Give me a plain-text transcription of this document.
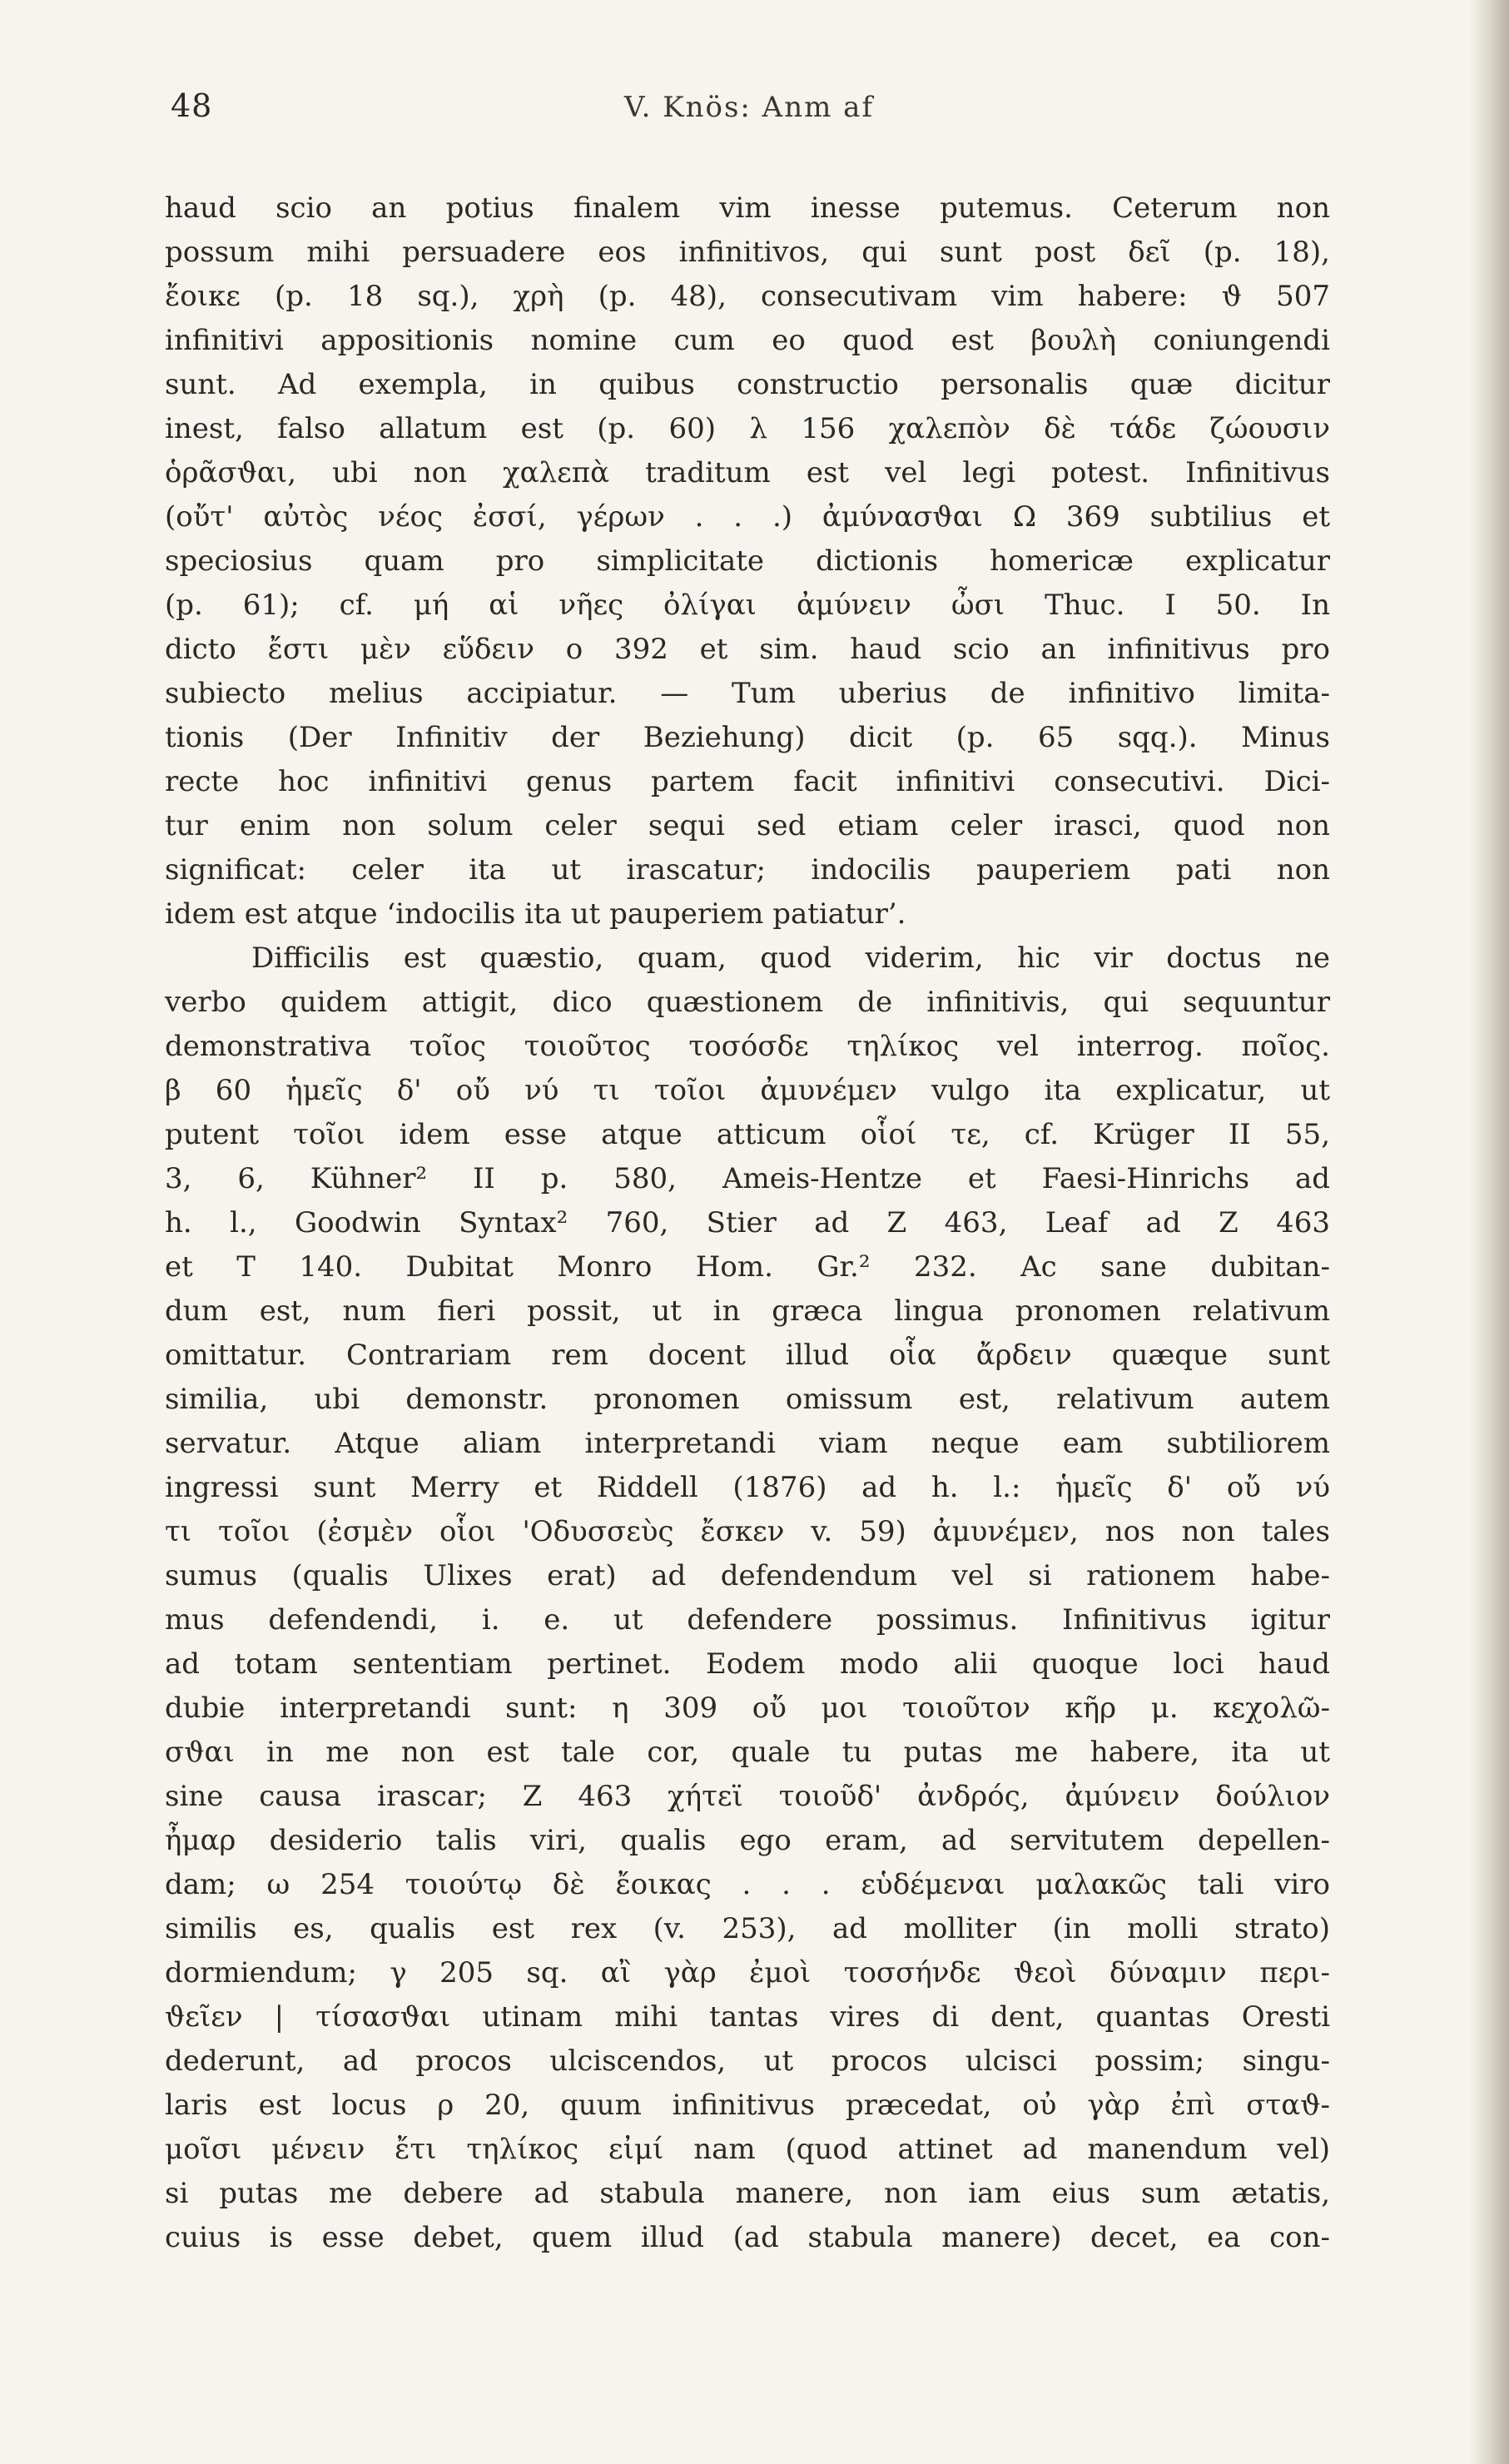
48	V. Knös: Anm af
haud scio an potius finalem vim inesse putemus. Ceterum non
possum mihi persuadere eos infinitivos, qui sunt post δεῖ (p. 18),
ἔοικε (p. 18 sq.), χρὴ (p. 48), consecutivam vim habere: ϑ 507
infinitivi appositionis nomine cum eo quod est βουλὴ coniungendi
sunt. Ad exempla, in quibus constructio personalis quæ dicitur
inest, falso allatum est (p. 60) λ 156 χαλεπὸν δὲ τάδε ζώουσιν
ὁρᾶσϑαι, ubi non χαλεπὰ traditum est vel legi potest. Infinitivus
(οὔτ' αὐτὸς νέος ἐσσί, γέρων . . .) ἀμύνασϑαι Ω 369 subtilius et
speciosius quam pro simplicitate dictionis homericæ explicatur
(p. 61); cf. μή αἱ νῆες ὀλίγαι ἀμύνειν ὦσι Thuc. I 50. In
dicto ἔστι μὲν εὕδειν ο 392 et sim. haud scio an infinitivus pro
subiecto melius accipiatur. — Tum uberius de infinitivo limita-
tionis (Der Infinitiv der Beziehung) dicit (p. 65 sqq.). Minus
recte hoc infinitivi genus partem facit infinitivi consecutivi. Dici-
tur enim non solum celer sequi sed etiam celer irasci, quod non
significat: celer ita ut irascatur; indocilis pauperiem pati non
idem est atque ‘indocilis ita ut pauperiem patiatur’.
Difficilis est quæstio, quam, quod viderim, hic vir doctus ne
verbo quidem attigit, dico quæstionem de infinitivis, qui sequuntur
demonstrativa τοῖος τοιοῦτος τοσόσδε τηλίκος vel interrog. ποῖος.
β 60 ἡμεῖς δ' οὔ νύ τι τοῖοι ἀμυνέμεν vulgo ita explicatur, ut
putent τοῖοι idem esse atque atticum οἷοί τε, cf. Krüger II 55,
3, 6, Kühner² II p. 580, Ameis-Hentze et Faesi-Hinrichs ad
h. l., Goodwin Syntax² 760, Stier ad Ζ 463, Leaf ad Ζ 463
et Τ 140. Dubitat Monro Hom. Gr.² 232. Ac sane dubitan-
dum est, num fieri possit, ut in græca lingua pronomen relativum
omittatur. Contrariam rem docent illud οἷα ἄρδειν quæque sunt
similia, ubi demonstr. pronomen omissum est, relativum autem
servatur. Atque aliam interpretandi viam neque eam subtiliorem
ingressi sunt Merry et Riddell (1876) ad h. l.: ἡμεῖς δ' οὔ νύ
τι τοῖοι (ἐσμὲν οἷοι 'Οδυσσεὺς ἔσκεν v. 59) ἀμυνέμεν, nos non tales
sumus (qualis Ulixes erat) ad defendendum vel si rationem habe-
mus defendendi, i. e. ut defendere possimus. Infinitivus igitur
ad totam sententiam pertinet. Eodem modo alii quoque loci haud
dubie interpretandi sunt: η 309 οὔ μοι τοιοῦτον κῆρ μ. κεχολῶ-
σϑαι in me non est tale cor, quale tu putas me habere, ita ut
sine causa irascar; Ζ 463 χήτεϊ τοιοῦδ' ἀνδρός, ἀμύνειν δούλιον
ἦμαρ desiderio talis viri, qualis ego eram, ad servitutem depellen-
dam; ω 254 τοιούτῳ δὲ ἔοικας . . . εὑδέμεναι μαλακῶς tali viro
similis es, qualis est rex (v. 253), ad molliter (in molli strato)
dormiendum; γ 205 sq. αἲ γὰρ ἐμοὶ τοσσήνδε ϑεοὶ δύναμιν περι-
ϑεῖεν | τίσασϑαι utinam mihi tantas vires di dent, quantas Oresti
dederunt, ad procos ulciscendos, ut procos ulcisci possim; singu-
laris est locus ρ 20, quum infinitivus præcedat, οὐ γὰρ ἐπὶ σταϑ-
μοῖσι μένειν ἔτι τηλίκος εἰμί nam (quod attinet ad manendum vel)
si putas me debere ad stabula manere, non iam eius sum ætatis,
cuius is esse debet, quem illud (ad stabula manere) decet, ea con-
